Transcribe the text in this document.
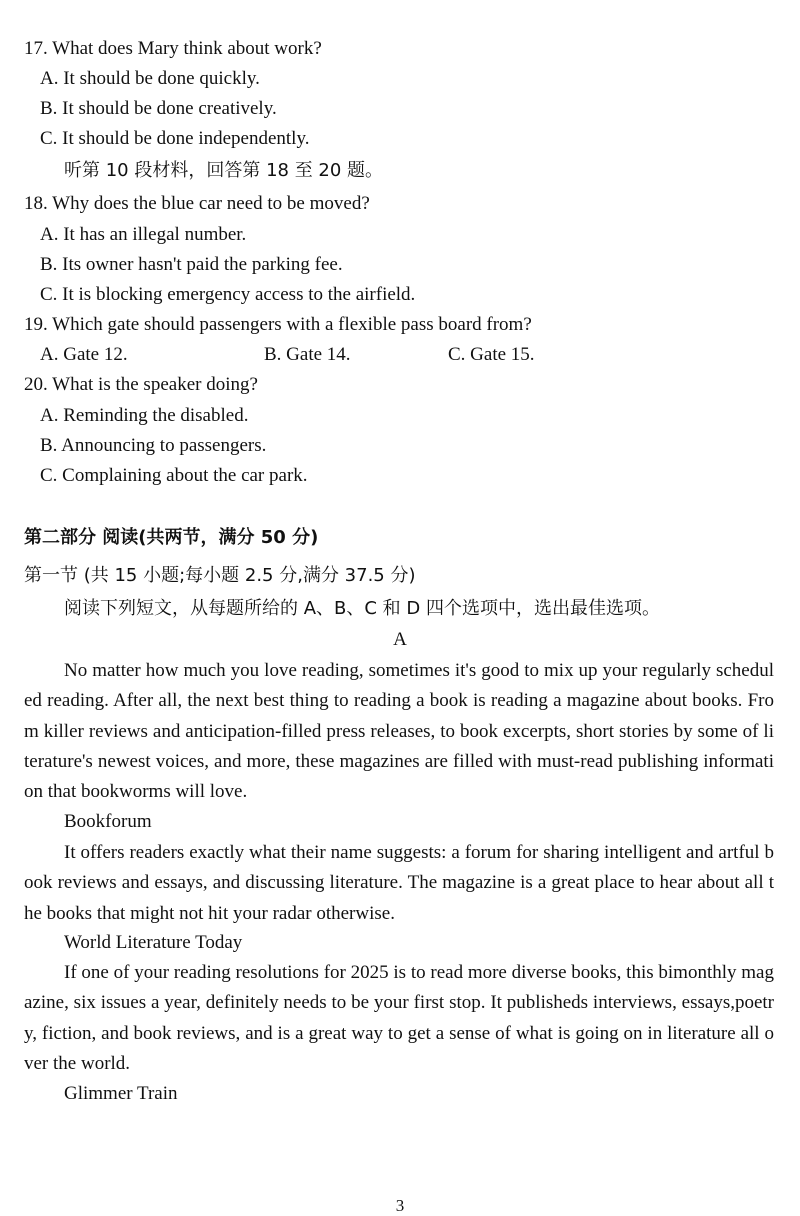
17. What does Mary think about work?
A. It should be done quickly.
B. It should be done creatively.
C. It should be done independently.
听第 10 段材料，回答第 18 至 20 题。
18. Why does the blue car need to be moved?
A. It has an illegal number.
B. Its owner hasn't paid the parking fee.
C. It is blocking emergency access to the airfield.
19. Which gate should passengers with a flexible pass board from?
A. Gate 12.	B. Gate 14.	C. Gate 15.
20. What is the speaker doing?
A. Reminding the disabled.
B. Announcing to passengers.
C. Complaining about the car park.
第二部分 阅读(共两节，满分 50 分)
第一节 (共 15 小题;每小题 2.5 分,满分 37.5 分)
阅读下列短文，从每题所给的 A、B、C 和 D 四个选项中，选出最佳选项。
A
No matter how much you love reading, sometimes it's good to mix up your regularly scheduled reading. After all, the next best thing to reading a book is reading a magazine about books. From killer reviews and anticipation-filled press releases, to book excerpts, short stories by some of literature's newest voices, and more, these magazines are filled with must-read publishing information that bookworms will love.
Bookforum
It offers readers exactly what their name suggests: a forum for sharing intelligent and artful book reviews and essays, and discussing literature. The magazine is a great place to hear about all the books that might not hit your radar otherwise.
World Literature Today
If one of your reading resolutions for 2025 is to read more diverse books, this bimonthly magazine, six issues a year, definitely needs to be your first stop. It publisheds interviews, essays,poetry, fiction, and book reviews, and is a great way to get a sense of what is going on in literature all over the world.
Glimmer Train
3
